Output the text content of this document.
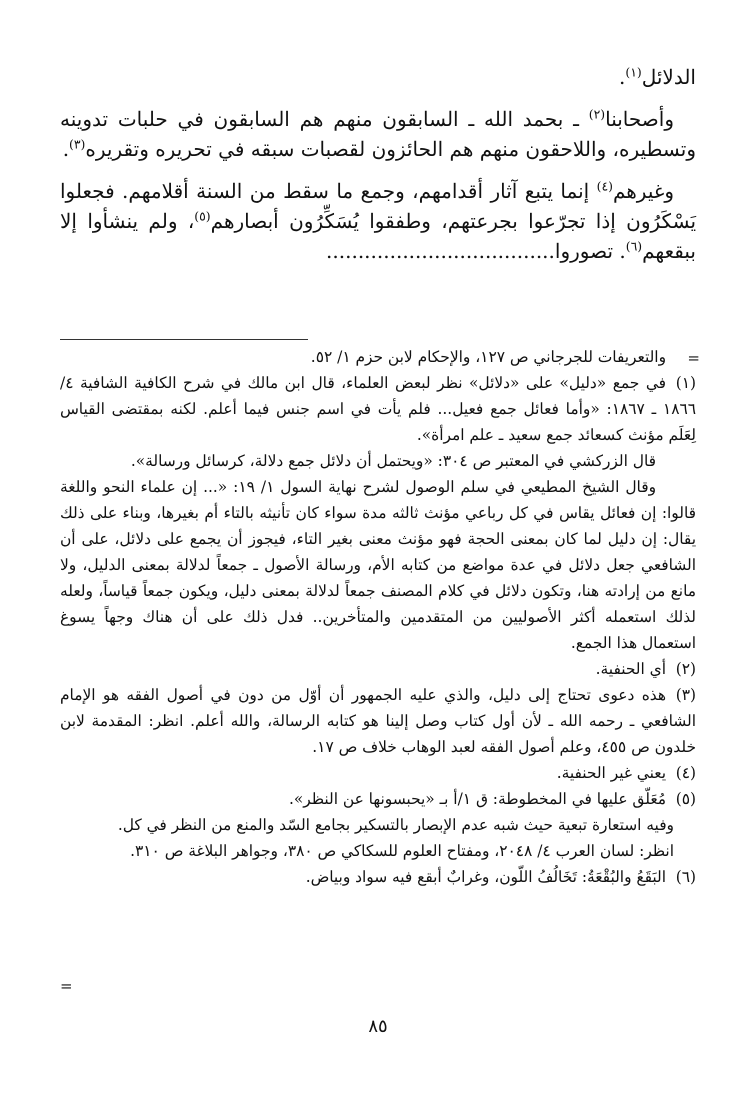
الدلائل$^{(١)}$.

وأصحابنا$^{(٢)}$ ـ بحمد الله ـ السابقون منهم هم السابقون في حلبات تدوينه وتسطيره، واللاحقون منهم هم الحائزون لقصبات سبقه في تحريره وتقريره$^{(٣)}$.

وغيرهم$^{(٤)}$ إنما يتبع آثار أقدامهم، وجمع ما سقط من السنة أقلامهم. فجعلوا يَسْكَرُون إذا تجرّعوا بجرعتهم، وطفقوا يُسَكِّرُون أبصارهم$^{(٥)}$، ولم ينشأوا إلا ببقعهم$^{(٦)}$. تصوروا....................................

=

والتعريفات للجرجاني ص ١٢٧، والإحكام لابن حزم ١/ ٥٢.

(١)في جمع «دليل» على «دلائل» نظر لبعض العلماء، قال ابن مالك في شرح الكافية الشافية ٤/ ١٨٦٦ ـ ١٨٦٧: «وأما فعائل جمع فعيل... فلم يأت في اسم جنس فيما أعلم. لكنه بمقتضى القياس لِعَلَم مؤنث كسعائد جمع سعيد ـ علم امرأة».

قال الزركشي في المعتبر ص ٣٠٤: «ويحتمل أن دلائل جمع دلالة، كرسائل ورسالة».

وقال الشيخ المطيعي في سلم الوصول لشرح نهاية السول ١/ ١٩: «... إن علماء النحو واللغة قالوا: إن فعائل يقاس في كل رباعي مؤنث ثالثه مدة سواء كان تأنيثه بالتاء أم بغيرها، وبناء على ذلك يقال: إن دليل لما كان بمعنى الحجة فهو مؤنث معنى بغير التاء، فيجوز أن يجمع على دلائل، على أن الشافعي جعل دلائل في عدة مواضع من كتابه الأم، ورسالة الأصول ـ جمعاً لدلالة بمعنى الدليل، ولا مانع من إرادته هنا، وتكون دلائل في كلام المصنف جمعاً لدلالة بمعنى دليل، ويكون جمعاً قياساً، ولعله لذلك استعمله أكثر الأصوليين من المتقدمين والمتأخرين.. فدل ذلك على أن هناك وجهاً يسوغ استعمال هذا الجمع.

(٢)أي الحنفية.

(٣)هذه دعوى تحتاج إلى دليل، والذي عليه الجمهور أن أوّل من دون في أصول الفقه هو الإمام الشافعي ـ رحمه الله ـ لأن أول كتاب وصل إلينا هو كتابه الرسالة، والله أعلم. انظر: المقدمة لابن خلدون ص ٤٥٥، وعلم أصول الفقه لعبد الوهاب خلاف ص ١٧.

(٤)يعني غير الحنفية.

(٥)مُعَلّق عليها في المخطوطة: ق ١/أ بـ «يحبسونها عن النظر».

وفيه استعارة تبعية حيث شبه عدم الإبصار بالتسكير بجامع السّد والمنع من النظر في كل.

انظر: لسان العرب ٤/ ٢٠٤٨، ومفتاح العلوم للسكاكي ص ٣٨٠، وجواهر البلاغة ص ٣١٠.

(٦)البَقَعُ والبُقْعَةُ: تَخَالُفُ اللّون، وغرابٌ أبقع فيه سواد وبياض.

=
٨٥
